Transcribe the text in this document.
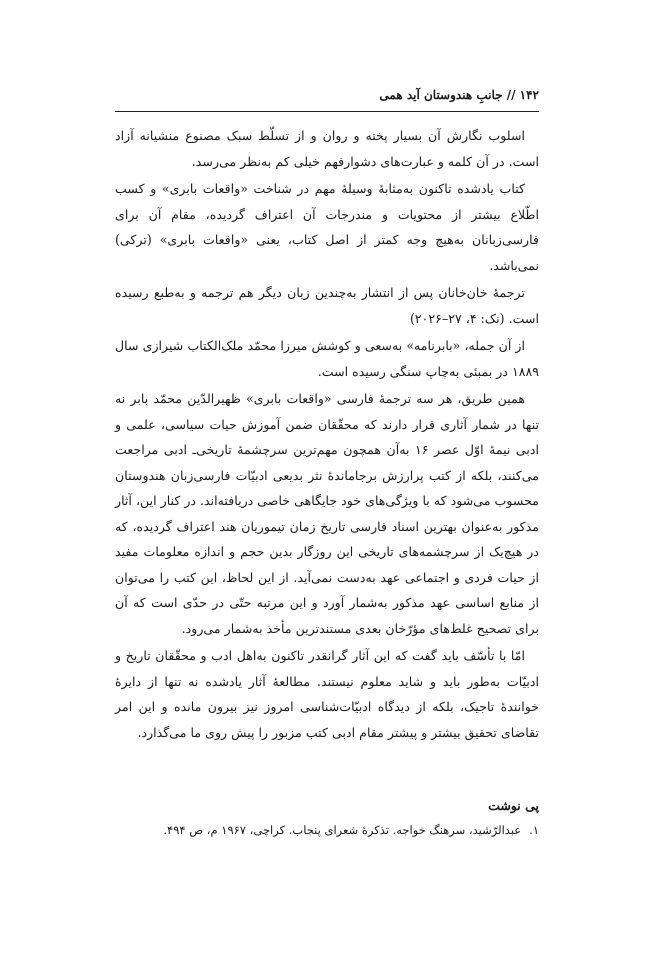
۱۴۲ // جانبِ هندوستان آید همی

اسلوب نگارش آن بسیار پخته و روان و از تسلّط سبک مصنوع منشیانه آزاد است. در آن کلمه و عبارت‌های دشوارفهم خیلی کم به‌نظر می‌رسد.

کتاب یادشده تاکنون به‌مثابهٔ وسیلهٔ مهم در شناخت «واقعات بابری» و کسب اطّلاع بیشتر از محتویات و مندرجات آن اعتراف گردیده، مقام آن برای فارسی‌زبانان به‌هیچ وجه کمتر از اصل کتاب، یعنی «واقعات بابری» (ترکی) نمی‌باشد.

ترجمهٔ خان‌خانان پس از انتشار به‌چندین زبان دیگر هم ترجمه و به‌طبع رسیده است. (نک: ۴، ۲۷–۲۰۲۶)

از آن جمله، «بابرنامه» به‌سعی و کوشش میرزا محمّد ملک‌الکتاب شیرازی سال ۱۸۸۹ در بمبئی به‌چاپ سنگی رسیده است.

همین طریق، هر سه ترجمهٔ فارسی «واقعات بابری» ظهیرالدّین محمّد بابر نه تنها در شمار آثاری قرار دارند که محقّقان ضمن آموزش حیات سیاسی، علمی و ادبی نیمهٔ اوّل عصر ۱۶ به‌آن همچون مهم‌ترین سرچشمهٔ تاریخی‌ـ ادبی مراجعت می‌کنند، بلکه از کتب پرارزش برجاماندهٔ نثر بدیعی ادبیّات فارسی‌زبان هندوستان محسوب می‌شود که با ویژگی‌های خود جایگاهی خاصی دریافته‌اند. در کنار این، آثار مذکور به‌عنوان بهترین اسناد فارسی تاریخ زمان تیموریان هند اعتراف گردیده، که در هیچ‌یک از سرچشمه‌های تاریخی این روزگار بدین حجم و اندازه معلومات مفید از حیات فردی و اجتماعی عهد به‌دست نمی‌آید. از این لحاظ، این کتب را می‌توان از منابع اساسی عهد مذکور به‌شمار آورد و این مرتبه حتّی در حدّی است که آن برای تصحیح غلط‌های مؤرّخان بعدی مستندترین مأخذ به‌شمار می‌رود.

امّا با تأسّف باید گفت که این آثار گرانقدر تاکنون به‌اهل ادب و محقّقان تاریخ و ادبیّات به‌طور باید و شاید معلوم نیستند. مطالعهٔ آثار یادشده نه تنها از دایرهٔ خوانندهٔ تاجیک، بلکه از دیدگاه ادبیّات‌شناسی امروز نیز بیرون مانده و این امر تقاضای تحقیق بیشتر و پیشتر مقام ادبی کتب مزبور را پیش روی ما می‌گذارد.

پی نوشت
۱.عبدالرّشید، سرهنگ خواجه. تذکرهٔ شعرای پنجاب. کراچی، ۱۹۶۷ م، ص ۴۹۴.
